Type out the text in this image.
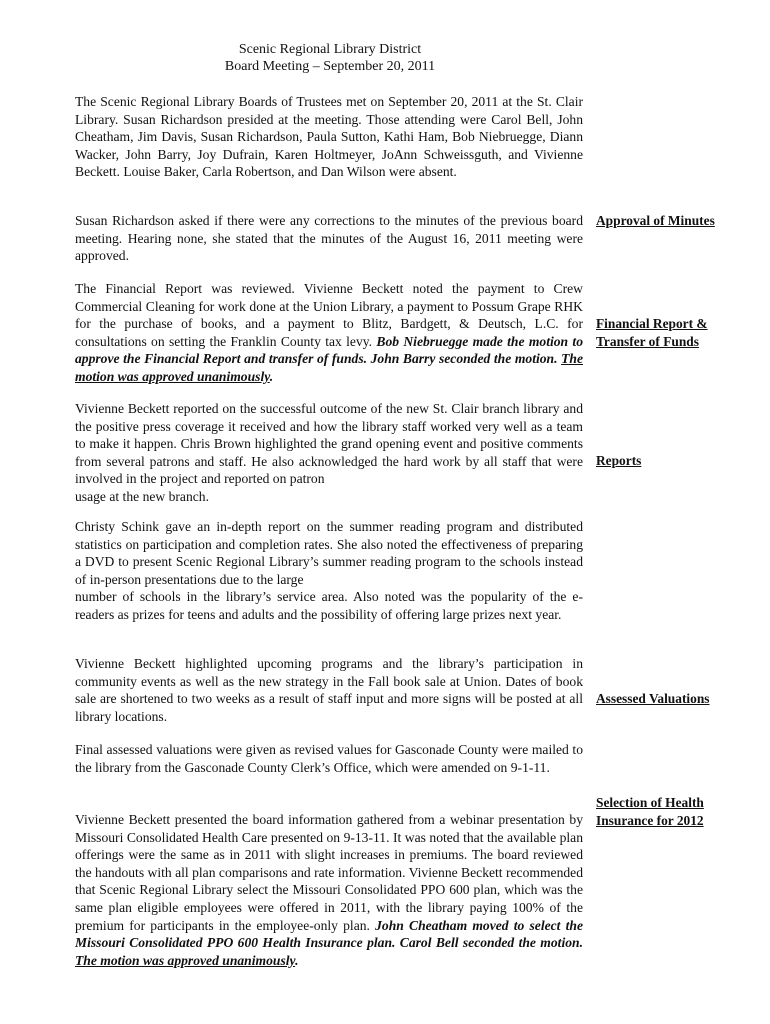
Scenic Regional Library District
Board Meeting – September 20, 2011

The Scenic Regional Library Boards of Trustees met on September 20, 2011 at the St. Clair Library. Susan Richardson presided at the meeting. Those attending were Carol Bell, John Cheatham, Jim Davis, Susan Richardson, Paula Sutton, Kathi Ham, Bob Niebruegge, Diann Wacker, John Barry, Joy Dufrain, Karen Holtmeyer, JoAnn Schweissguth, and Vivienne Beckett. Louise Baker, Carla Robertson, and Dan Wilson were absent.

Susan Richardson asked if there were any corrections to the minutes of the previous board meeting. Hearing none, she stated that the minutes of the August 16, 2011 meeting were approved.

Approval of Minutes

The Financial Report was reviewed. Vivienne Beckett noted the payment to Crew Commercial Cleaning for work done at the Union Library, a payment to Possum Grape RHK for the purchase of books, and a payment to Blitz, Bardgett, & Deutsch, L.C. for consultations on setting the Franklin County tax levy. Bob Niebruegge made the motion to approve the Financial Report and transfer of funds. John Barry seconded the motion. The motion was approved unanimously.

Financial Report &
Transfer of Funds

Vivienne Beckett reported on the successful outcome of the new St. Clair branch library and the positive press coverage it received and how the library staff worked very well as a team to make it happen. Chris Brown highlighted the grand opening event and positive comments from several patrons and staff. He also acknowledged the hard work by all staff that were involved in the project and reported on patron
usage at the new branch.

Reports

Christy Schink gave an in-depth report on the summer reading program and distributed statistics on participation and completion rates. She also noted the effectiveness of preparing a DVD to present Scenic Regional Library’s summer reading program to the schools instead of in-person presentations due to the large
number of schools in the library’s service area. Also noted was the popularity of the e-readers as prizes for teens and adults and the possibility of offering large prizes next year.

Vivienne Beckett highlighted upcoming programs and the library’s participation in community events as well as the new strategy in the Fall book sale at Union. Dates of book sale are shortened to two weeks as a result of staff input and more signs will be posted at all library locations.

Assessed Valuations

Final assessed valuations were given as revised values for Gasconade County were mailed to the library from the Gasconade County Clerk’s Office, which were amended on 9-1-11.

Selection of Health
Insurance for 2012

Vivienne Beckett presented the board information gathered from a webinar presentation by Missouri Consolidated Health Care presented on 9-13-11. It was noted that the available plan offerings were the same as in 2011 with slight increases in premiums. The board reviewed the handouts with all plan comparisons and rate information. Vivienne Beckett recommended that Scenic Regional Library select the Missouri Consolidated PPO 600 plan, which was the same plan eligible employees were offered in 2011, with the library paying 100% of the premium for participants in the employee-only plan. John Cheatham moved to select the Missouri Consolidated PPO 600 Health Insurance plan. Carol Bell seconded the motion. The motion was approved unanimously.
